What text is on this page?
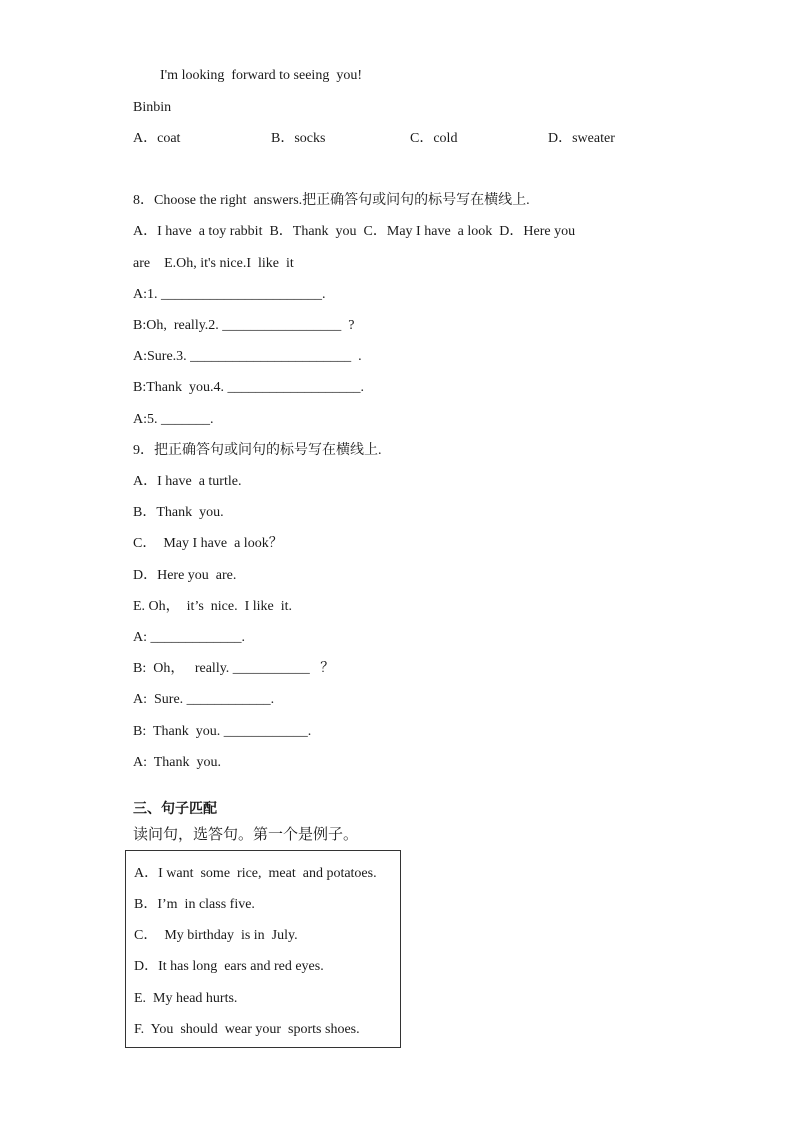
I'm looking  forward to seeing  you!
Binbin
A．coat	B．socks	C．cold	D．sweater
8．Choose the right  answers.把正确答句或问句的标号写在横线上.
A．I have  a toy rabbit  B．Thank  you  C．May I have  a look  D．Here you
are    E.Oh, it's nice.I  like  it
A:1. _______________________.
B:Oh,  really.2. _________________  ?
A:Sure.3. _______________________  .
B:Thank  you.4. ___________________.
A:5. _______.
9．把正确答句或问句的标号写在横线上.
A．I have  a turtle.
B．Thank  you.
C．  May I have  a look？
D．Here you  are.
E. Oh，  it’s  nice.  I like  it.
A: _____________.
B:  Oh，   really. ___________   ？
A:  Sure. ____________.
B:  Thank  you. ____________.
A:  Thank  you.
三、句子匹配
读问句，选答句。第一个是例子。
A．I want  some  rice,  meat  and potatoes.
B．I’m  in class five.
C．  My birthday  is in  July.
D．It has long  ears and red eyes.
E.  My head hurts.
F.  You  should  wear your  sports shoes.
